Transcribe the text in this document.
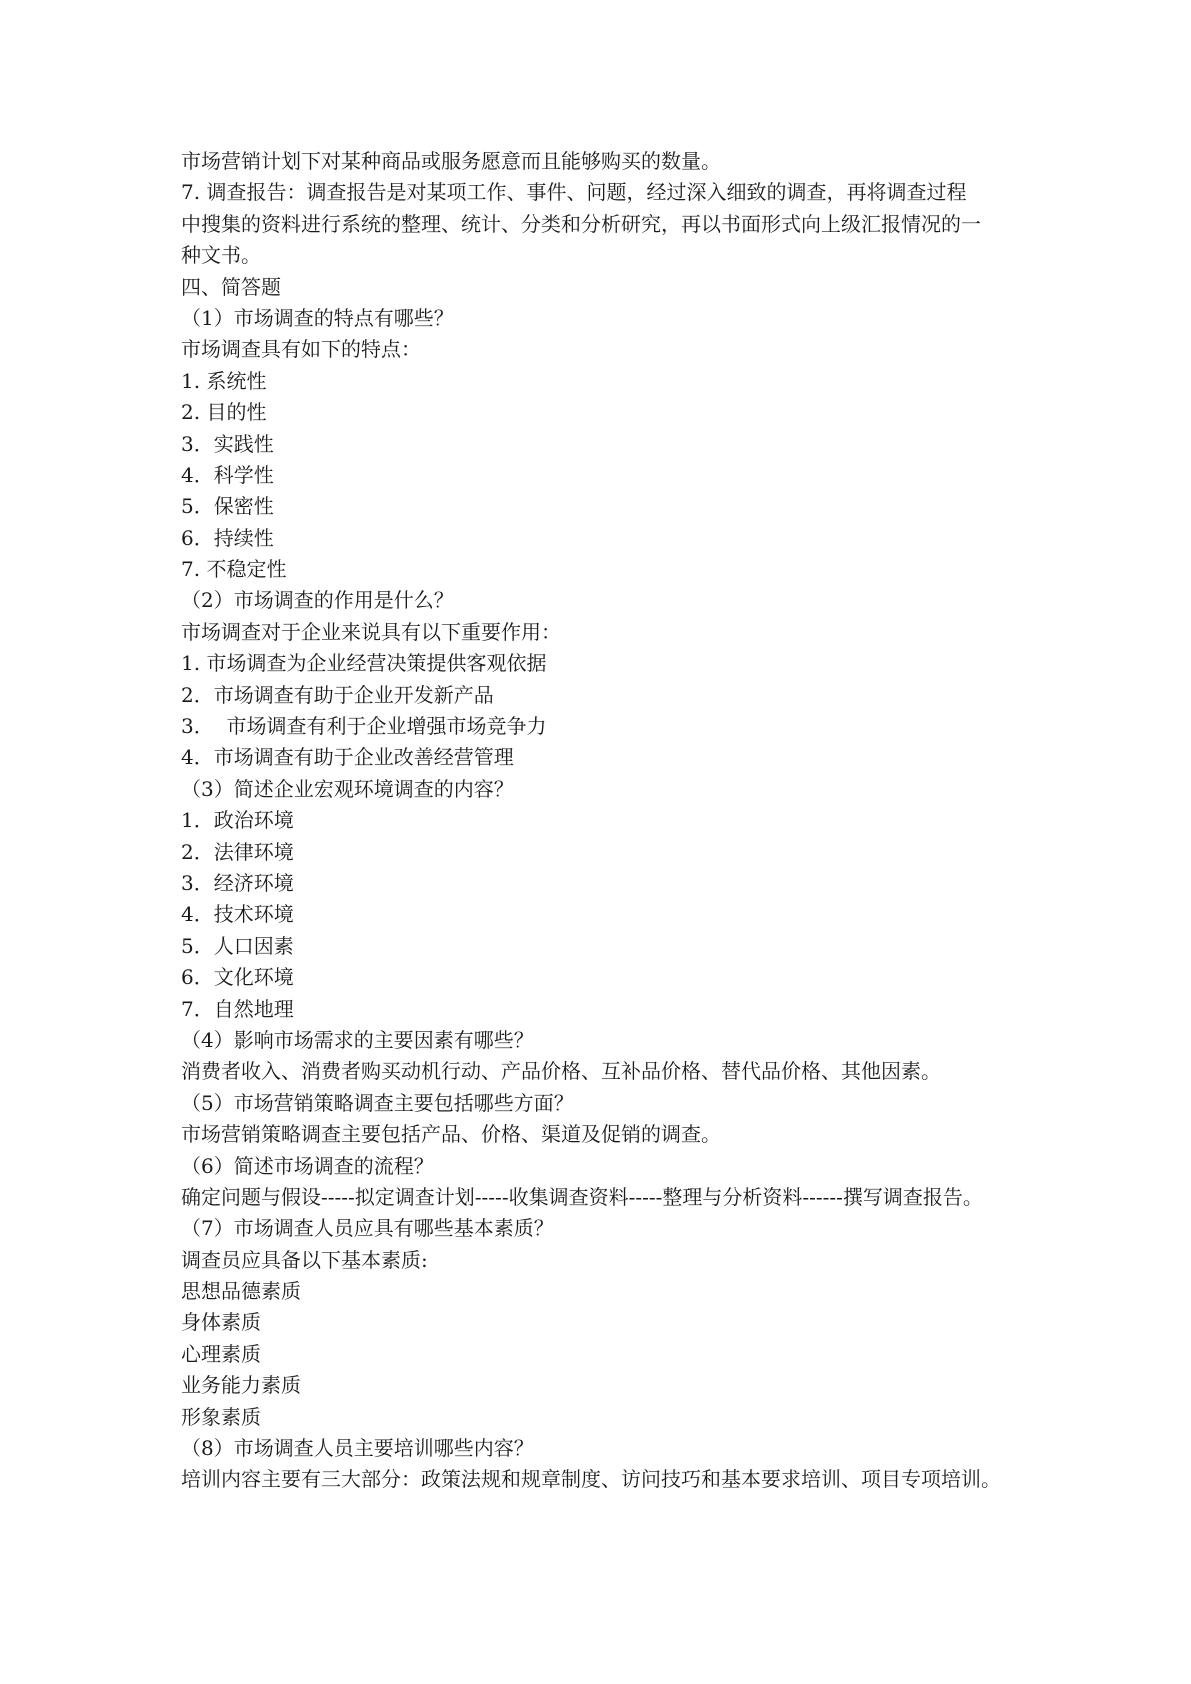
市场营销计划下对某种商品或服务愿意而且能够购买的数量。

7. 调查报告：调查报告是对某项工作、事件、问题，经过深入细致的调查，再将调查过程

中搜集的资料进行系统的整理、统计、分类和分析研究，再以书面形式向上级汇报情况的一

种文书。

四、简答题

（1）市场调查的特点有哪些？

市场调查具有如下的特点：

1. 系统性

2. 目的性

3．实践性

4．科学性

5．保密性

6．持续性

7. 不稳定性

（2）市场调查的作用是什么？

市场调查对于企业来说具有以下重要作用：

1. 市场调查为企业经营决策提供客观依据

2．市场调查有助于企业开发新产品

3．  市场调查有利于企业增强市场竞争力

4．市场调查有助于企业改善经营管理

（3）简述企业宏观环境调查的内容？

1．政治环境

2．法律环境

3．经济环境

4．技术环境

5．人口因素

6．文化环境

7．自然地理

（4）影响市场需求的主要因素有哪些？

消费者收入、消费者购买动机行动、产品价格、互补品价格、替代品价格、其他因素。

（5）市场营销策略调查主要包括哪些方面？

市场营销策略调查主要包括产品、价格、渠道及促销的调查。

（6）简述市场调查的流程？

确定问题与假设-----拟定调查计划-----收集调查资料-----整理与分析资料------撰写调查报告。

（7）市场调查人员应具有哪些基本素质？

调查员应具备以下基本素质:

思想品德素质

身体素质

心理素质

业务能力素质

形象素质

（8）市场调查人员主要培训哪些内容？

培训内容主要有三大部分：政策法规和规章制度、访问技巧和基本要求培训、项目专项培训。
